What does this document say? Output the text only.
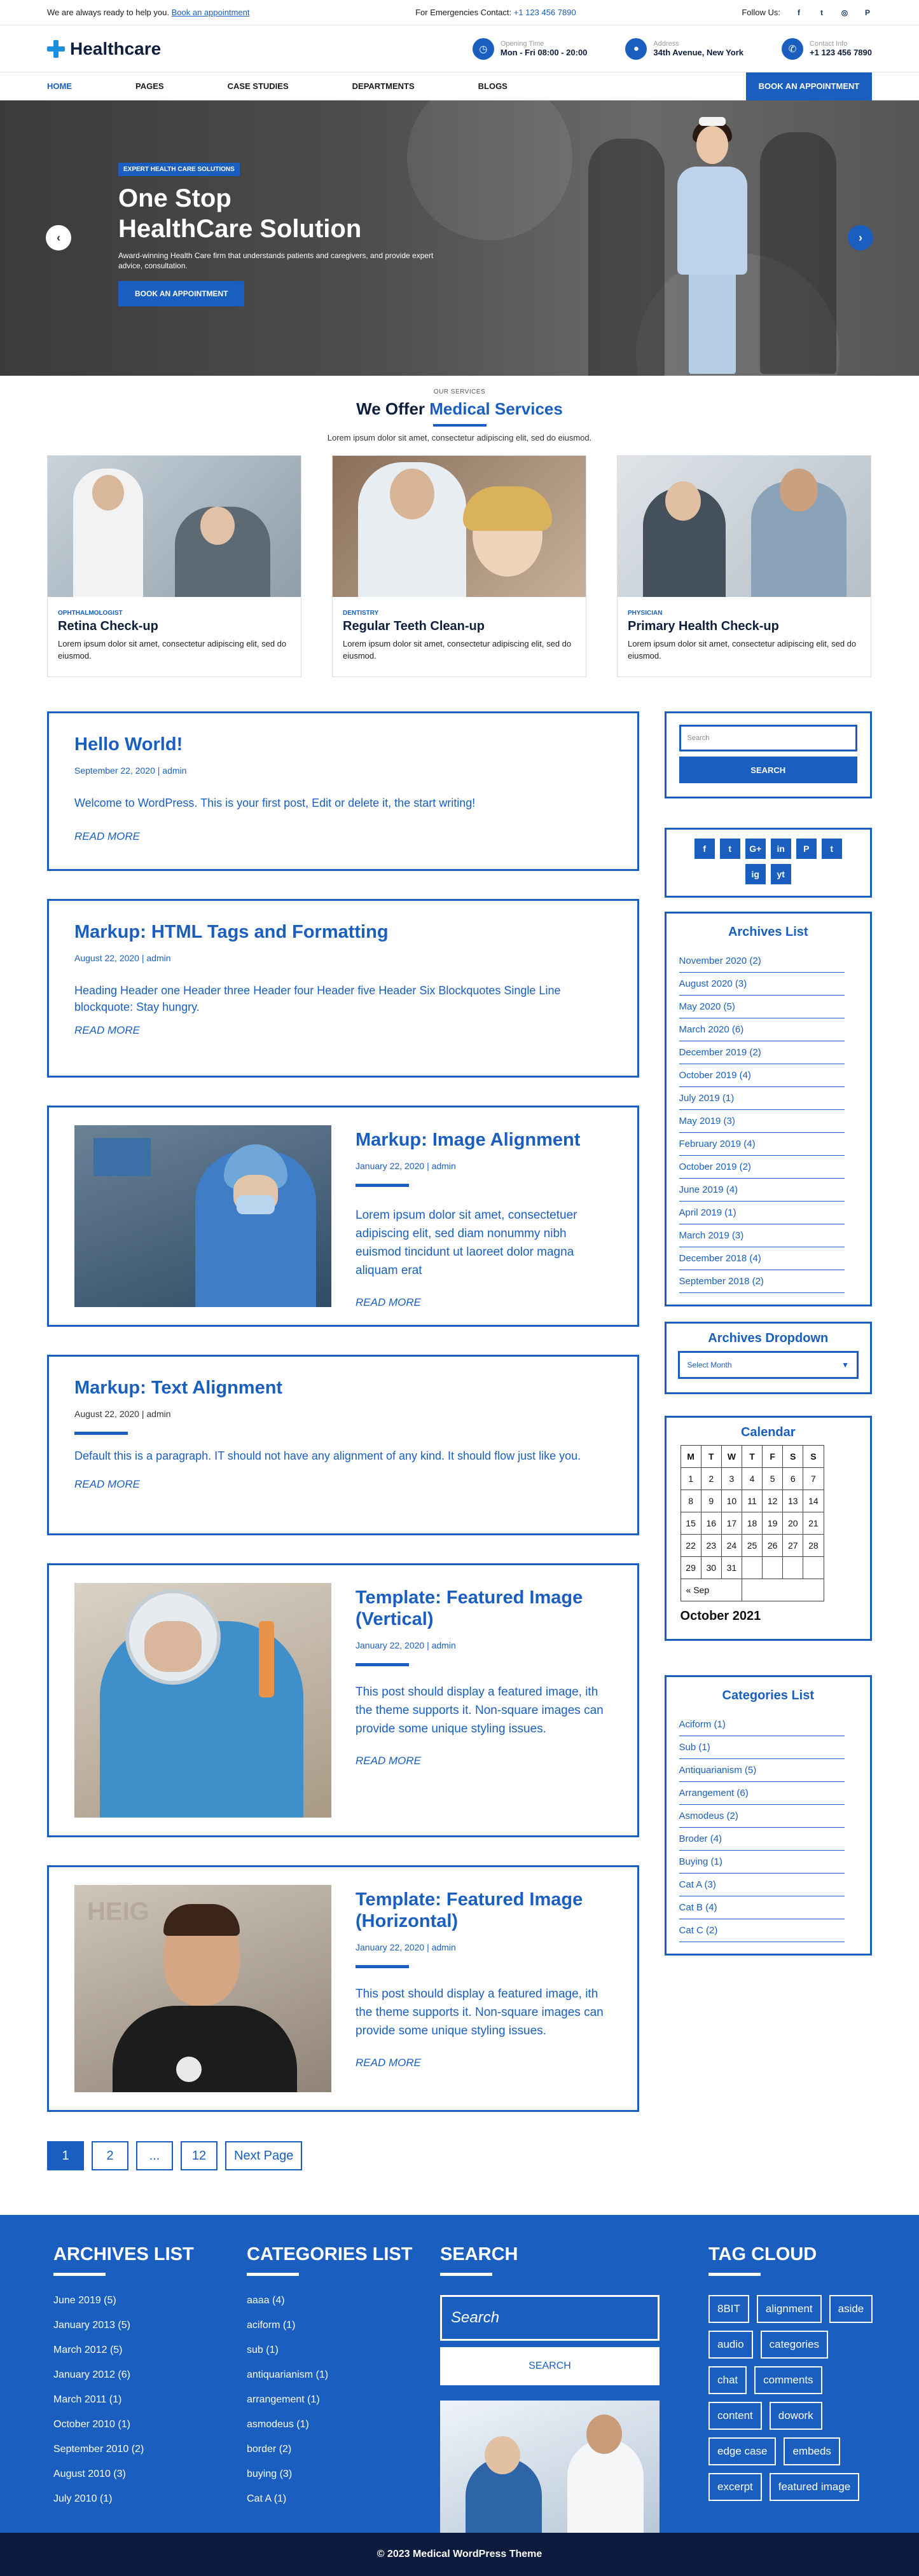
We are always ready to help you. Book an appointment	For Emergencies Contact: +1 123 456 7890	Follow Us:	f	t	◎ P
Healthcare	◷	Opening Time
Mon - Fri 08:00 - 20:00	●	Address
34th Avenue, New York	✆	Contact Info
+1 123 456 7890
HOME	PAGES	CASE STUDIES	DEPARTMENTS	BLOGS	BOOK AN APPOINTMENT
EXPERT HEALTH CARE SOLUTIONS
One Stop
HealthCare Solution
Award-winning Health Care firm that understands patients and caregivers, and provide expert advice, consultation.
BOOK AN APPOINTMENT
‹	›
OUR SERVICES
We Offer Medical Services
Lorem ipsum dolor sit amet, consectetur adipiscing elit, sed do eiusmod.
OPHTHALMOLOGIST
Retina Check-up

Lorem ipsum dolor sit amet, consectetur adipiscing elit, sed do eiusmod.

DENTISTRY
Regular Teeth Clean-up

Lorem ipsum dolor sit amet, consectetur adipiscing elit, sed do eiusmod.

PHYSICIAN
Primary Health Check-up

Lorem ipsum dolor sit amet, consectetur adipiscing elit, sed do eiusmod.

Hello World!
September 22, 2020 | admin
Welcome to WordPress. This is your first post, Edit or delete it, the start writing!
READ MORE
Markup: HTML Tags and Formatting
August 22, 2020 | admin
Heading Header one Header three Header four Header five Header Six Blockquotes Single Line blockquote: Stay hungry.
READ MORE
Markup: Image Alignment
January 22, 2020 | admin
Lorem ipsum dolor sit amet, consectetuer adipiscing elit, sed diam nonummy nibh euismod tincidunt ut laoreet dolor magna aliquam erat
READ MORE
Markup: Text Alignment
August 22, 2020 | admin
Default this is a paragraph. IT should not have any alignment of any kind. It should flow just like you.
READ MORE
Template: Featured Image (Vertical)
January 22, 2020 | admin
This post should display a featured image, ith the theme supports it. Non-square images can provide some unique styling issues.
READ MORE
HEIG	Template: Featured Image (Horizontal)
January 22, 2020 | admin
This post should display a featured image, ith the theme supports it. Non-square images can provide some unique styling issues.
READ MORE
Search
SEARCH
f	t	G+	in	P	t
ig	yt
Archives List
November 2020 (2)
August 2020 (3)
May 2020 (5)
March 2020 (6)
December 2019 (2)
October 2019 (4)
July 2019 (1)
May 2019 (3)
February 2019 (4)
October 2019 (2)
June 2019 (4)
April 2019 (1)
March 2019 (3)
December 2018 (4)
September 2018 (2)
Archives Dropdown
Select Month	▼
Calendar
M	T	W	T	F	S	S
1	2	3	4	5	6	7
8	9	10	11	12	13	14
15	16	17	18	19	20	21
22	23	24	25	26	27	28
29	30	31				
« Sep						
October 2021
Categories List
Aciform (1)
Sub (1)
Antiquarianism (5)
Arrangement (6)
Asmodeus (2)
Broder (4)
Buying (1)
Cat A (3)
Cat B (4)
Cat C (2)
1	2	...	12	Next Page
ARCHIVES LIST
June 2019 (5)
January 2013 (5)
March 2012 (5)
January 2012 (6)
March 2011 (1)
October 2010 (1)
September 2010 (2)
August 2010 (3)
July 2010 (1)
CATEGORIES LIST
aaaa (4)
aciform (1)
sub (1)
antiquarianism (1)
arrangement (1)
asmodeus (1)
border (2)
buying (3)
Cat A (1)
SEARCH
Search
SEARCH
TAG CLOUD
8BIT	alignment	aside
audio	categories
chat	comments
content	dowork
edge case	embeds
excerpt	featured image
© 2023 Medical WordPress Theme
